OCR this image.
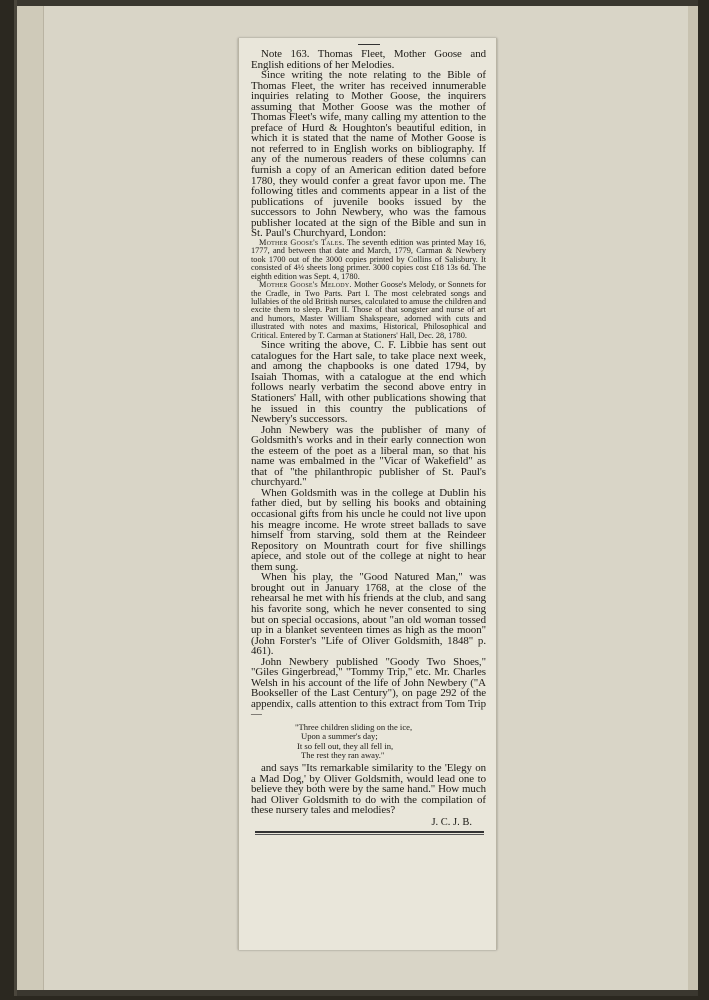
Note 163. Thomas Fleet, Mother Goose and English editions of her Melodies.

Since writing the note relating to the Bible of Thomas Fleet, the writer has received innumerable inquiries relating to Mother Goose, the inquirers assuming that Mother Goose was the mother of Thomas Fleet's wife, many calling my attention to the preface of Hurd & Houghton's beautiful edition, in which it is stated that the name of Mother Goose is not referred to in English works on bibliography. If any of the numerous readers of these columns can furnish a copy of an American edition dated before 1780, they would confer a great favor upon me. The following titles and comments appear in a list of the publications of juvenile books issued by the successors to John Newbery, who was the famous publisher located at the sign of the Bible and sun in St. Paul's Churchyard, London:

Mother Goose's Tales. The seventh edition was printed May 16, 1777, and between that date and March, 1779, Carman & Newbery took 1700 out of the 3000 copies printed by Collins of Salisbury. It consisted of 4½ sheets long primer. 3000 copies cost £18 13s 6d. The eighth edition was Sept. 4, 1780.

Mother Goose's Melody. Mother Goose's Melody, or Sonnets for the Cradle, in Two Parts. Part I. The most celebrated songs and lullabies of the old British nurses, calculated to amuse the children and excite them to sleep. Part II. Those of that songster and nurse of art and humors, Master William Shakspeare, adorned with cuts and illustrated with notes and maxims, Historical, Philosophical and Critical. Entered by T. Carman at Stationers' Hall, Dec. 28, 1780.

Since writing the above, C. F. Libbie has sent out catalogues for the Hart sale, to take place next week, and among the chapbooks is one dated 1794, by Isaiah Thomas, with a catalogue at the end which follows nearly verbatim the second above entry in Stationers' Hall, with other publications showing that he issued in this country the publications of Newbery's successors.

John Newbery was the publisher of many of Goldsmith's works and in their early connection won the esteem of the poet as a liberal man, so that his name was embalmed in the "Vicar of Wakefield" as that of "the philanthropic publisher of St. Paul's churchyard."

When Goldsmith was in the college at Dublin his father died, but by selling his books and obtaining occasional gifts from his uncle he could not live upon his meagre income. He wrote street ballads to save himself from starving, sold them at the Reindeer Repository on Mountrath court for five shillings apiece, and stole out of the college at night to hear them sung.

When his play, the "Good Natured Man," was brought out in January 1768, at the close of the rehearsal he met with his friends at the club, and sang his favorite song, which he never consented to sing but on special occasions, about "an old woman tossed up in a blanket seventeen times as high as the moon" (John Forster's "Life of Oliver Goldsmith, 1848" p. 461).

John Newbery published "Goody Two Shoes," "Giles Gingerbread," "Tommy Trip," etc. Mr. Charles Welsh in his account of the life of John Newbery ("A Bookseller of the Last Century"), on page 292 of the appendix, calls attention to this extract from Tom Trip—

"Three children sliding on the ice,
Upon a summer's day;
It so fell out, they all fell in,
The rest they ran away."

and says "Its remarkable similarity to the 'Elegy on a Mad Dog,' by Oliver Goldsmith, would lead one to believe they both were by the same hand." How much had Oliver Goldsmith to do with the compilation of these nursery tales and melodies?

J. C. J. B.
